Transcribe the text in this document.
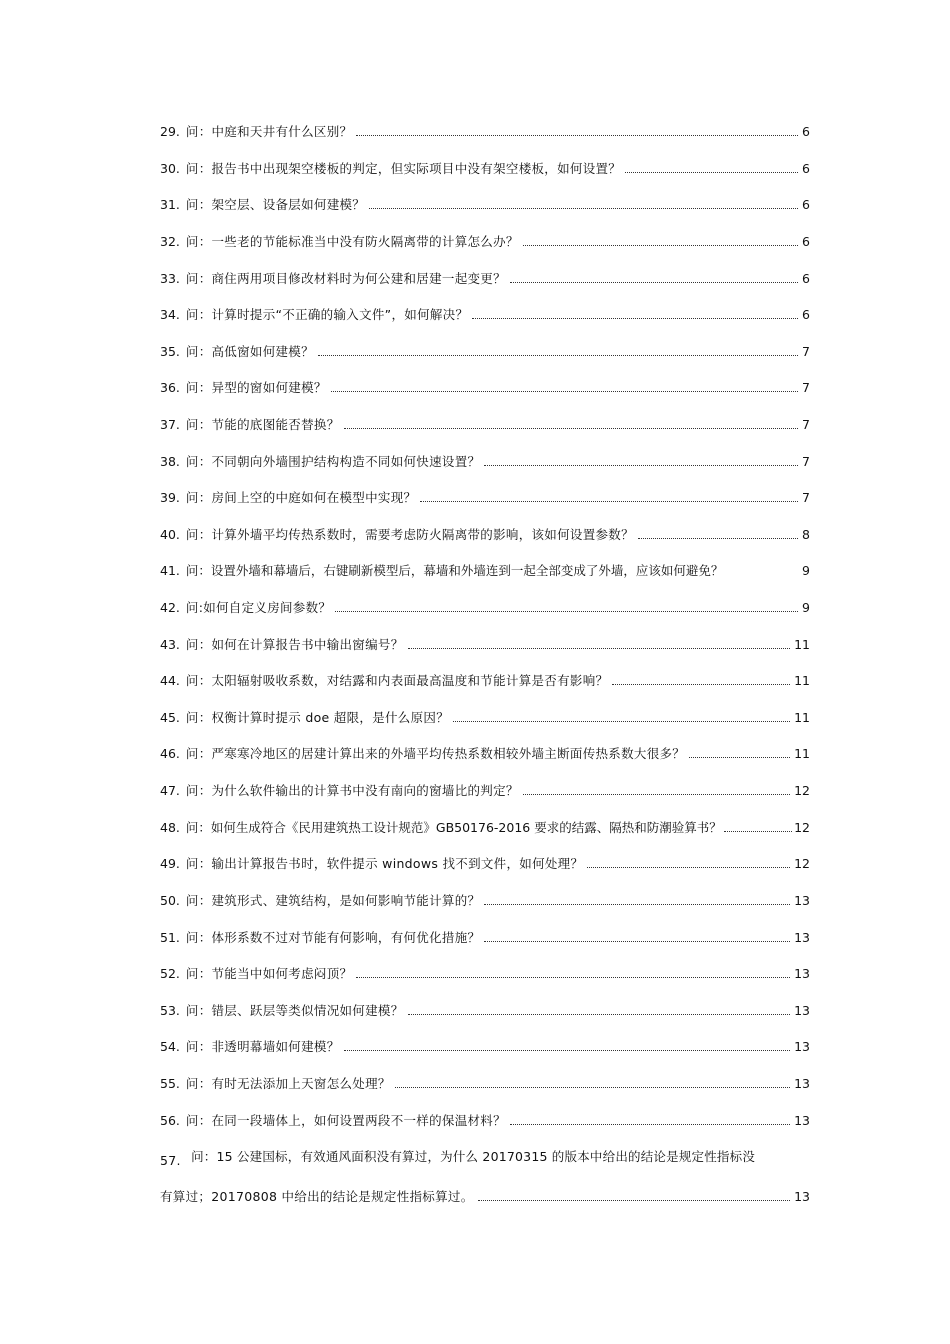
29. 问：中庭和天井有什么区别？	6
30. 问：报告书中出现架空楼板的判定，但实际项目中没有架空楼板，如何设置？	6
31. 问：架空层、设备层如何建模？	6
32. 问：一些老的节能标准当中没有防火隔离带的计算怎么办？	6
33. 问：商住两用项目修改材料时为何公建和居建一起变更？	6
34. 问：计算时提示“不正确的输入文件”，如何解决？	6
35. 问：高低窗如何建模？	7
36. 问：异型的窗如何建模？	7
37. 问：节能的底图能否替换？	7
38. 问：不同朝向外墙围护结构构造不同如何快速设置？	7
39. 问：房间上空的中庭如何在模型中实现？	7
40. 问：计算外墙平均传热系数时，需要考虑防火隔离带的影响，该如何设置参数？	8
41. 问：设置外墙和幕墙后，右键刷新模型后，幕墙和外墙连到一起全部变成了外墙，应该如何避免？	9
42. 问:如何自定义房间参数？	9
43. 问：如何在计算报告书中输出窗编号？	11
44. 问：太阳辐射吸收系数，对结露和内表面最高温度和节能计算是否有影响？	11
45. 问：权衡计算时提示 doe 超限，是什么原因？	11
46. 问：严寒寒冷地区的居建计算出来的外墙平均传热系数相较外墙主断面传热系数大很多？	11
47. 问：为什么软件输出的计算书中没有南向的窗墙比的判定？	12
48. 问：如何生成符合《民用建筑热工设计规范》GB50176-2016 要求的结露、隔热和防潮验算书？	12
49. 问：输出计算报告书时，软件提示 windows 找不到文件，如何处理？	12
50. 问：建筑形式、建筑结构，是如何影响节能计算的？	13
51. 问：体形系数不过对节能有何影响，有何优化措施？	13
52. 问：节能当中如何考虑闷顶？	13
53. 问：错层、跃层等类似情况如何建模？	13
54. 问：非透明幕墙如何建模？	13
55. 问：有时无法添加上天窗怎么处理？	13
56. 问：在同一段墙体上，如何设置两段不一样的保温材料？	13
57. 问：15 公建国标，有效通风面积没有算过，为什么 20170315 的版本中给出的结论是规定性指标没
有算过；20170808 中给出的结论是规定性指标算过。	13
